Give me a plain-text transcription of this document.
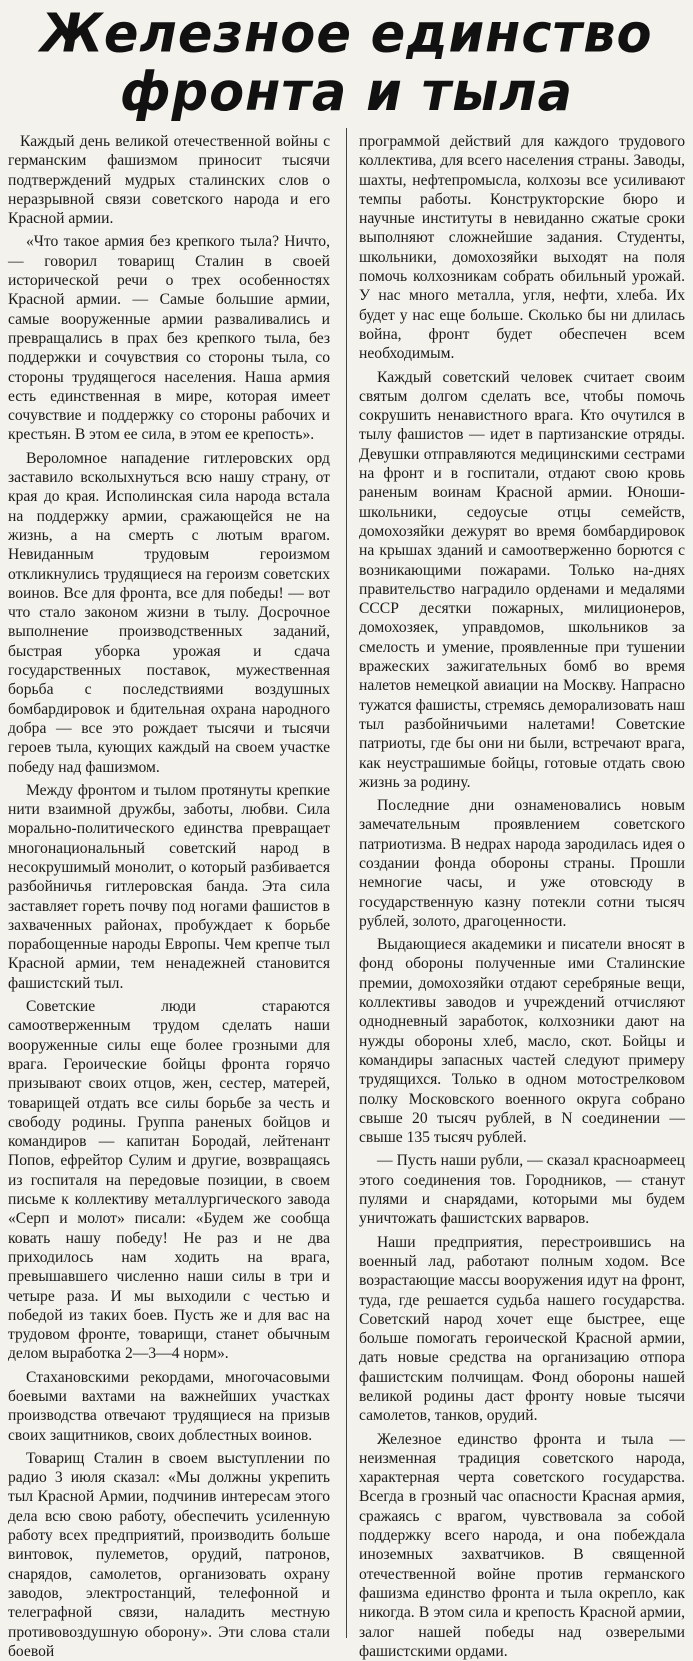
Железное единство
фронта и тыла

Каждый день великой отечественной войны с германским фашизмом приносит тысячи подтверждений мудрых сталинских слов о неразрывной связи советского народа и его Красной армии.

«Что такое армия без крепкого тыла? Ничто, — говорил товарищ Сталин в своей исторической речи о трех особенностях Красной армии. — Самые большие армии, самые вооруженные армии разваливались и превращались в прах без крепкого тыла, без поддержки и сочувствия со стороны тыла, со стороны трудящегося населения. Наша армия есть единственная в мире, которая имеет сочувствие и поддержку со стороны рабочих и крестьян. В этом ее сила, в этом ее крепость».

Вероломное нападение гитлеровских орд заставило всколыхнуться всю нашу страну, от края до края. Исполинская сила народа встала на поддержку армии, сражающейся не на жизнь, а на смерть с лютым врагом. Невиданным трудовым героизмом откликнулись трудящиеся на героизм советских воинов. Все для фронта, все для победы! — вот что стало законом жизни в тылу. Досрочное выполнение производственных заданий, быстрая уборка урожая и сдача государственных поставок, мужественная борьба с последствиями воздушных бомбардировок и бдительная охрана народного добра — все это рождает тысячи и тысячи героев тыла, кующих каждый на своем участке победу над фашизмом.

Между фронтом и тылом протянуты крепкие нити взаимной дружбы, заботы, любви. Сила морально-политического единства превращает многонациональный советский народ в несокрушимый монолит, о который разбивается разбойничья гитлеровская банда. Эта сила заставляет гореть почву под ногами фашистов в захваченных районах, пробуждает к борьбе порабощенные народы Европы. Чем крепче тыл Красной армии, тем ненадежней становится фашистский тыл.

Советские люди стараются самоотверженным трудом сделать наши вооруженные силы еще более грозными для врага. Героические бойцы фронта горячо призывают своих отцов, жен, сестер, матерей, товарищей отдать все силы борьбе за честь и свободу родины. Группа раненых бойцов и командиров — капитан Бородай, лейтенант Попов, ефрейтор Сулим и другие, возвращаясь из госпиталя на передовые позиции, в своем письме к коллективу металлургического завода «Серп и молот» писали: «Будем же сообща ковать нашу победу! Не раз и не два приходилось нам ходить на врага, превышавшего численно наши силы в три и четыре раза. И мы выходили с честью и победой из таких боев. Пусть же и для вас на трудовом фронте, товарищи, станет обычным делом выработка 2—3—4 норм».

Стахановскими рекордами, многочасовыми боевыми вахтами на важнейших участках производства отвечают трудящиеся на призыв своих защитников, своих доблестных воинов.

Товарищ Сталин в своем выступлении по радио 3 июля сказал: «Мы должны укрепить тыл Красной Армии, подчинив интересам этого дела всю свою работу, обеспечить усиленную работу всех предприятий, производить больше винтовок, пулеметов, орудий, патронов, снарядов, самолетов, организовать охрану заводов, электростанций, телефонной и телеграфной связи, наладить местную противовоздушную оборону». Эти слова стали боевой

программой действий для каждого трудового коллектива, для всего населения страны. Заводы, шахты, нефтепромысла, колхозы все усиливают темпы работы. Конструкторские бюро и научные институты в невиданно сжатые сроки выполняют сложнейшие задания. Студенты, школьники, домохозяйки выходят на поля помочь колхозникам собрать обильный урожай. У нас много металла, угля, нефти, хлеба. Их будет у нас еще больше. Сколько бы ни длилась война, фронт будет обеспечен всем необходимым.

Каждый советский человек считает своим святым долгом сделать все, чтобы помочь сокрушить ненавистного врага. Кто очутился в тылу фашистов — идет в партизанские отряды. Девушки отправляются медицинскими сестрами на фронт и в госпитали, отдают свою кровь раненым воинам Красной армии. Юноши-школьники, седоусые отцы семейств, домохозяйки дежурят во время бомбардировок на крышах зданий и самоотверженно борются с возникающими пожарами. Только на-днях правительство наградило орденами и медалями СССР десятки пожарных, милиционеров, домохозяек, управдомов, школьников за смелость и умение, проявленные при тушении вражеских зажигательных бомб во время налетов немецкой авиации на Москву. Напрасно тужатся фашисты, стремясь деморализовать наш тыл разбойничьими налетами! Советские патриоты, где бы они ни были, встречают врага, как неустрашимые бойцы, готовые отдать свою жизнь за родину.

Последние дни ознаменовались новым замечательным проявлением советского патриотизма. В недрах народа зародилась идея о создании фонда обороны страны. Прошли немногие часы, и уже отовсюду в государственную казну потекли сотни тысяч рублей, золото, драгоценности.

Выдающиеся академики и писатели вносят в фонд обороны полученные ими Сталинские премии, домохозяйки отдают серебряные вещи, коллективы заводов и учреждений отчисляют однодневный заработок, колхозники дают на нужды обороны хлеб, масло, скот. Бойцы и командиры запасных частей следуют примеру трудящихся. Только в одном мотострелковом полку Московского военного округа собрано свыше 20 тысяч рублей, в N соединении — свыше 135 тысяч рублей.

— Пусть наши рубли, — сказал красноармеец этого соединения тов. Городников, — станут пулями и снарядами, которыми мы будем уничтожать фашистских варваров.

Наши предприятия, перестроившись на военный лад, работают полным ходом. Все возрастающие массы вооружения идут на фронт, туда, где решается судьба нашего государства. Советский народ хочет еще быстрее, еще больше помогать героической Красной армии, дать новые средства на организацию отпора фашистским полчищам. Фонд обороны нашей великой родины даст фронту новые тысячи самолетов, танков, орудий.

Железное единство фронта и тыла — неизменная традиция советского народа, характерная черта советского государства. Всегда в грозный час опасности Красная армия, сражаясь с врагом, чувствовала за собой поддержку всего народа, и она побеждала иноземных захватчиков. В священной отечественной войне против германского фашизма единство фронта и тыла окрепло, как никогда. В этом сила и крепость Красной армии, залог нашей победы над озверелыми фашистскими ордами.
